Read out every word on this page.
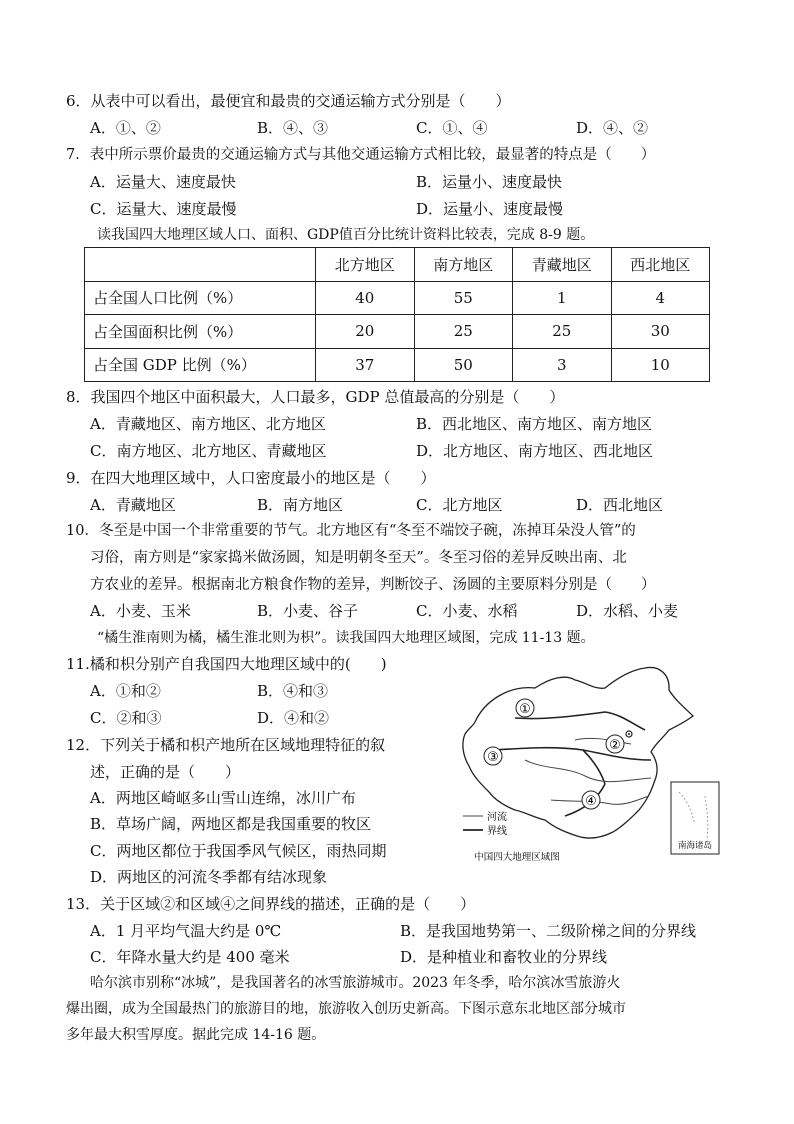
6．从表中可以看出，最便宜和最贵的交通运输方式分别是（　　）
A．①、②	B．④、③	C．①、④	D．④、②
7．表中所示票价最贵的交通运输方式与其他交通运输方式相比较，最显著的特点是（　　）
A．运量大、速度最快	B．运量小、速度最快
C．运量大、速度最慢	D．运量小、速度最慢
读我国四大地理区域人口、面积、GDP值百分比统计资料比较表，完成 8-9 题。
	北方地区	南方地区	青藏地区	西北地区
占全国人口比例（%）	40	55	1	4
占全国面积比例（%）	20	25	25	30
占全国 GDP 比例（%）	37	50	3	10
8．我国四个地区中面积最大，人口最多，GDP 总值最高的分别是（　　）
A．青藏地区、南方地区、北方地区	B．西北地区、南方地区、南方地区
C．南方地区、北方地区、青藏地区	D．北方地区、南方地区、西北地区
9．在四大地理区域中，人口密度最小的地区是（　　）
A．青藏地区	B．南方地区	C．北方地区	D．西北地区
10．冬至是中国一个非常重要的节气。北方地区有“冬至不端饺子碗，冻掉耳朵没人管”的
习俗，南方则是“家家捣米做汤圆，知是明朝冬至天”。冬至习俗的差异反映出南、北
方农业的差异。根据南北方粮食作物的差异，判断饺子、汤圆的主要原料分别是（　　）
A．小麦、玉米	B．小麦、谷子	C．小麦、水稻	D．水稻、小麦
“橘生淮南则为橘，橘生淮北则为枳”。读我国四大地理区域图，完成 11-13 题。
11.橘和枳分别产自我国四大地理区域中的(　　)
A．①和②	B．④和③
C．②和③	D．④和②
12．下列关于橘和枳产地所在区域地理特征的叙
述，正确的是（　　）
A．两地区崎岖多山雪山连绵，冰川广布
B．草场广阔，两地区都是我国重要的牧区
C．两地区都位于我国季风气候区，雨热同期
D．两地区的河流冬季都有结冰现象
①
②
③
④
河流
界线
中国四大地理区域图
南海诸岛
13．关于区域②和区域④之间界线的描述，正确的是（　　）
A．1 月平均气温大约是 0℃	B．是我国地势第一、二级阶梯之间的分界线
C．年降水量大约是 400 毫米	D．是种植业和畜牧业的分界线
哈尔滨市别称“冰城”，是我国著名的冰雪旅游城市。2023 年冬季，哈尔滨冰雪旅游火
爆出圈，成为全国最热门的旅游目的地，旅游收入创历史新高。下图示意东北地区部分城市
多年最大积雪厚度。据此完成 14-16 题。
